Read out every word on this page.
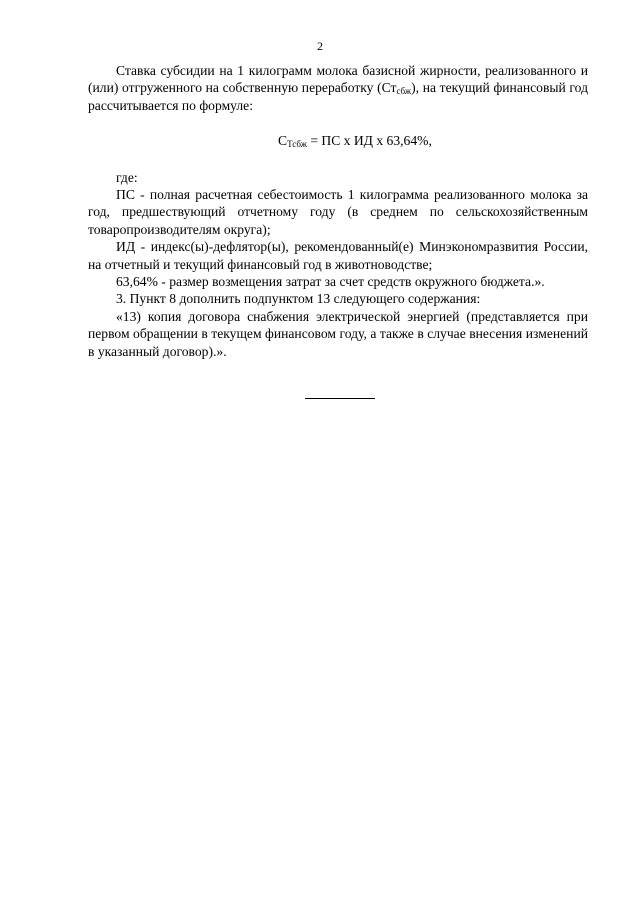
2

Ставка субсидии на 1 килограмм молока базисной жирности, реализованного и (или) отгруженного на собственную переработку $(Ст_{сбж})$, на текущий финансовый год рассчитывается по формуле:

$С_{Тсбж}$ = ПС х ИД х 63,64%,

где:

ПС - полная расчетная себестоимость 1 килограмма реализованного молока за год, предшествующий отчетному году (в среднем по сельскохозяйственным товаропроизводителям округа);

ИД - индекс(ы)-дефлятор(ы), рекомендованный(е) Минэкономразвития России, на отчетный и текущий финансовый год в животноводстве;

63,64% - размер возмещения затрат за счет средств окружного бюджета.».

3. Пункт 8 дополнить подпунктом 13 следующего содержания:

«13) копия договора снабжения электрической энергией (представляется при первом обращении в текущем финансовом году, а также в случае внесения изменений в указанный договор).».
